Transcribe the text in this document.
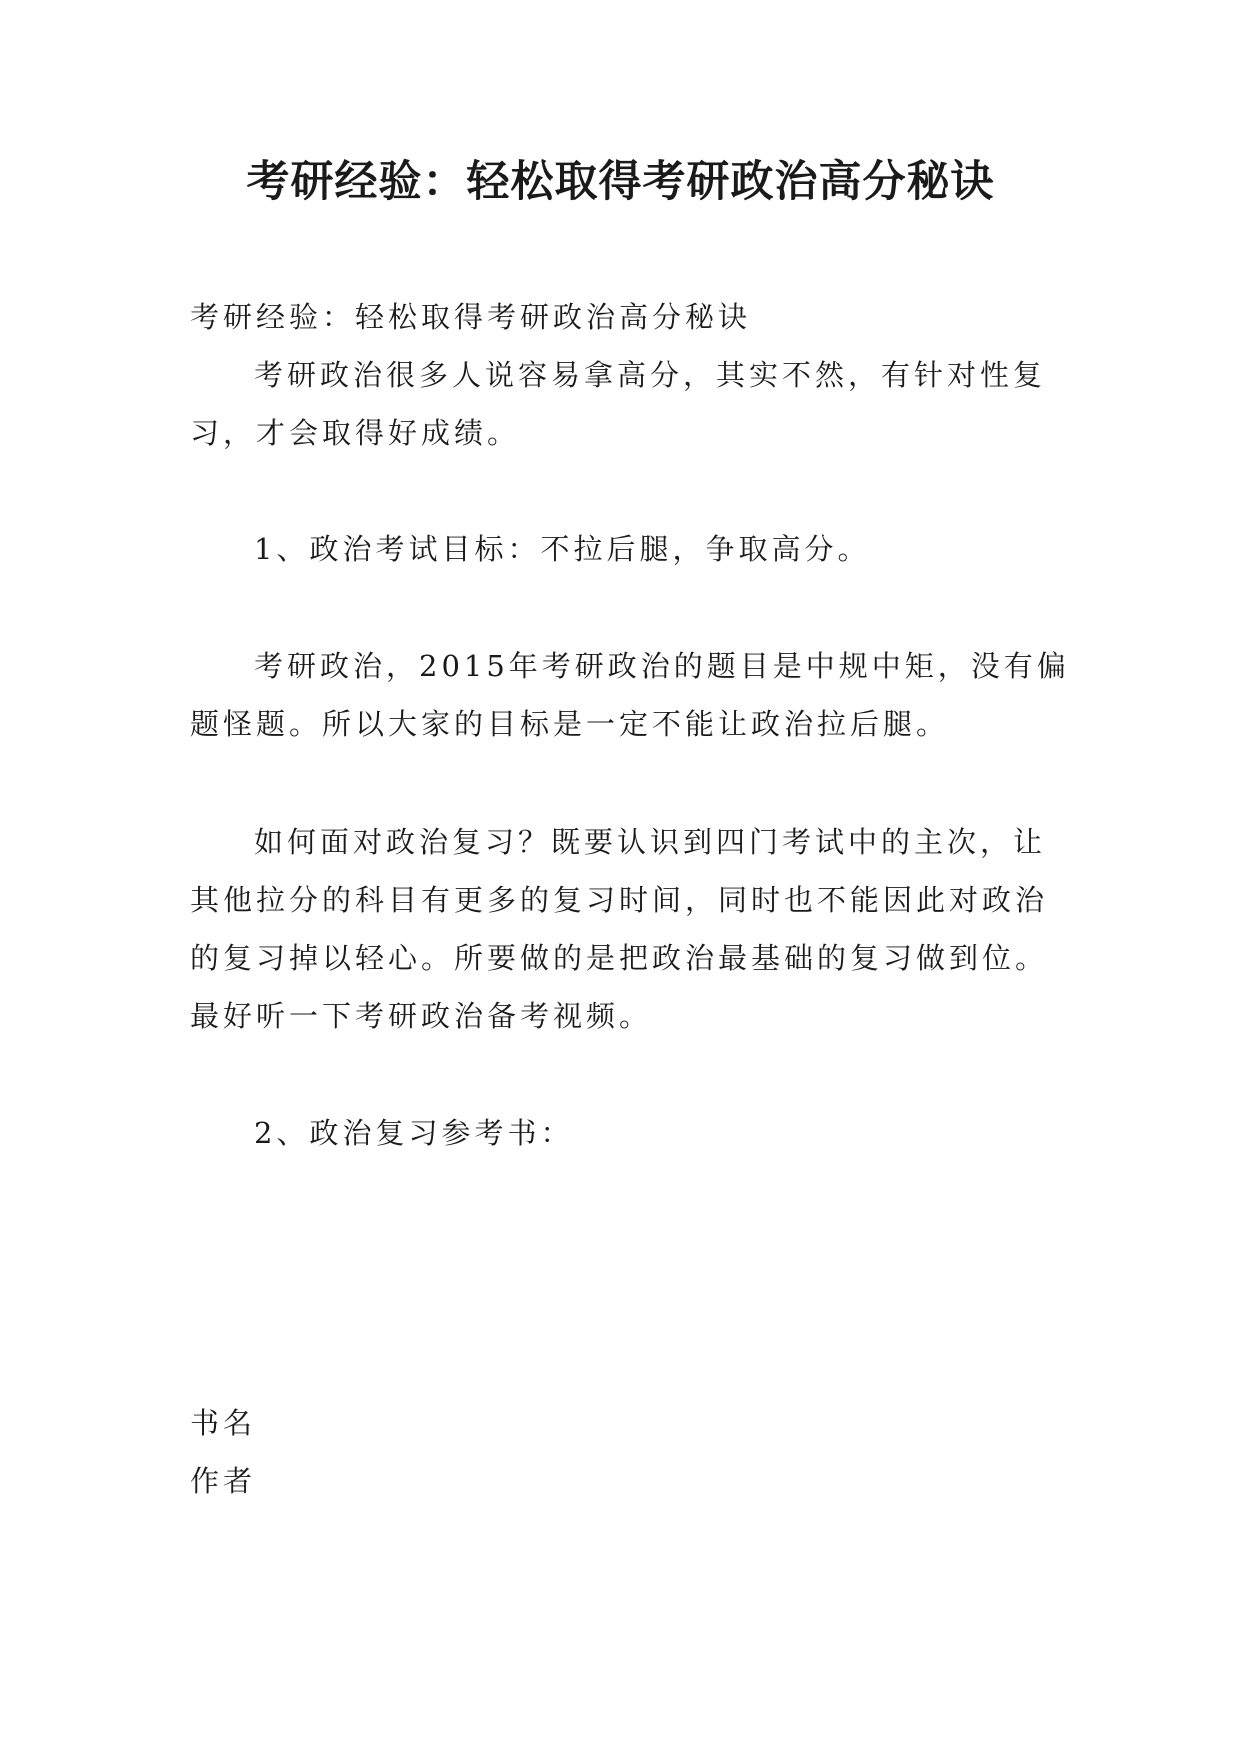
考研经验：轻松取得考研政治高分秘诀

考研经验：轻松取得考研政治高分秘诀

考研政治很多人说容易拿高分，其实不然，有针对性复习，才会取得好成绩。

1、政治考试目标：不拉后腿，争取高分。

考研政治，2015年考研政治的题目是中规中矩，没有偏题怪题。所以大家的目标是一定不能让政治拉后腿。

如何面对政治复习？既要认识到四门考试中的主次，让其他拉分的科目有更多的复习时间，同时也不能因此对政治的复习掉以轻心。所要做的是把政治最基础的复习做到位。最好听一下考研政治备考视频。

2、政治复习参考书：

书名

作者
